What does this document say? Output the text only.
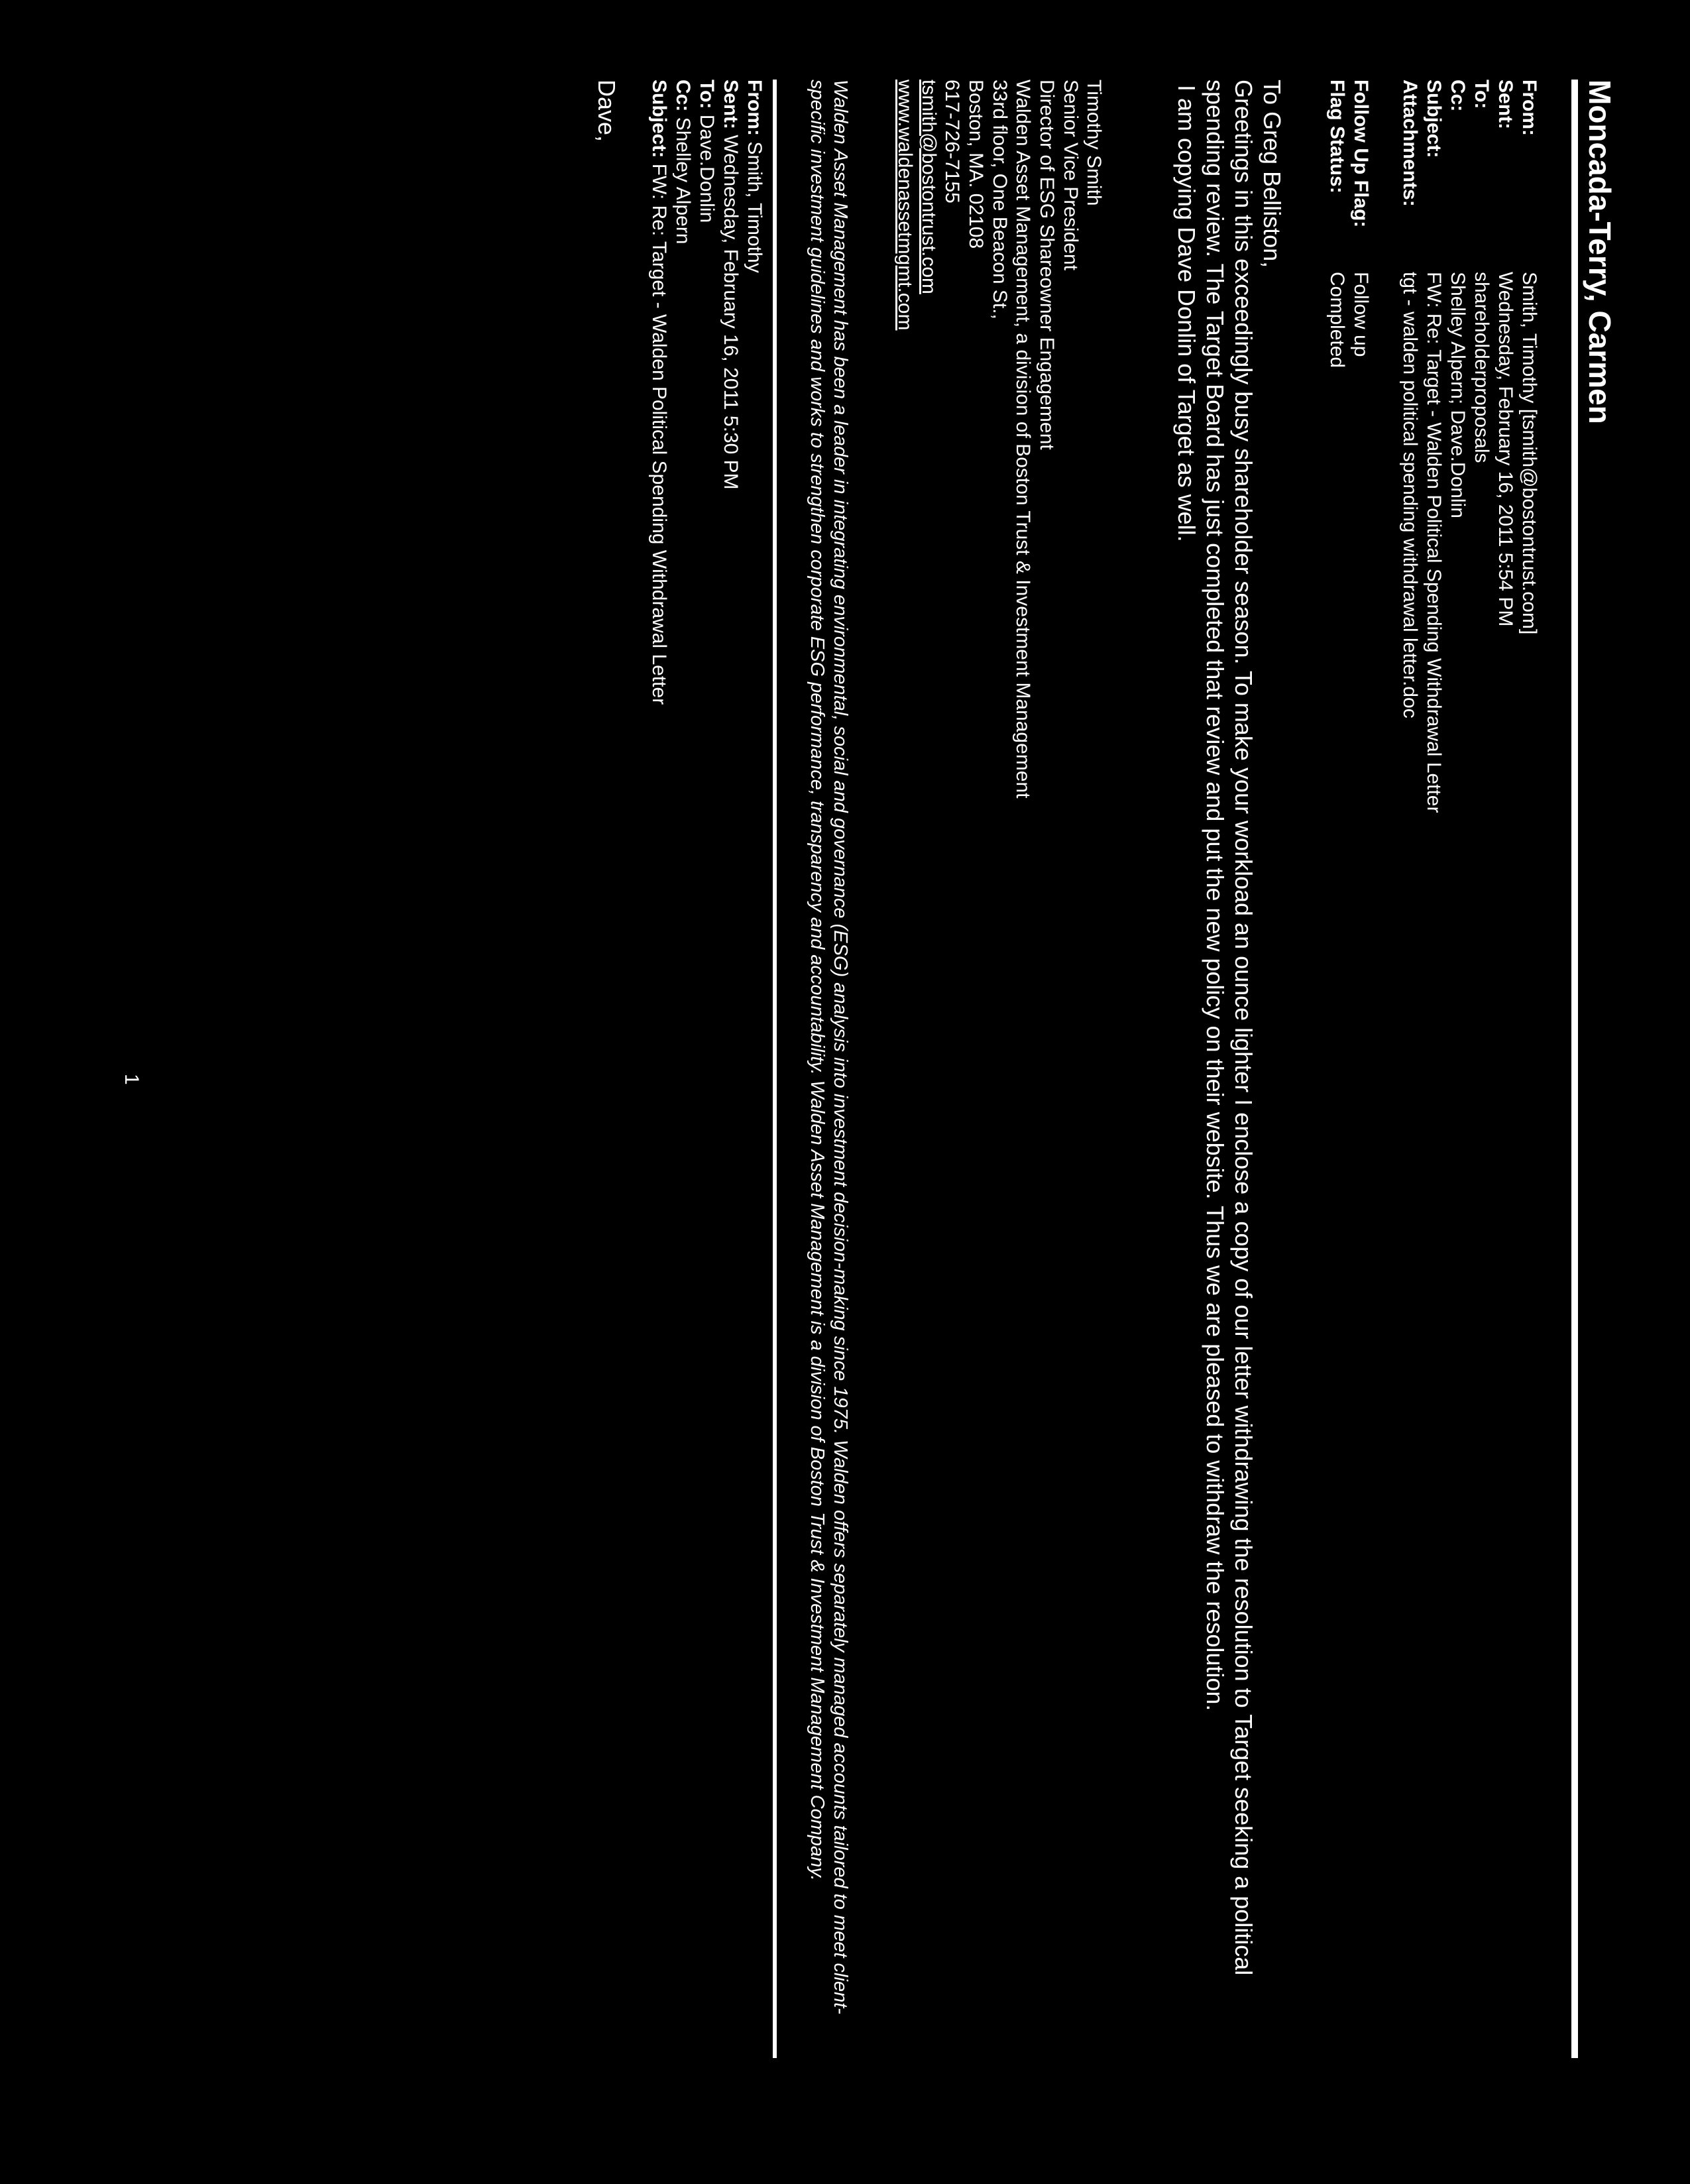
Moncada-Terry, Carmen
From:
Smith, Timothy [tsmith@bostontrust.com]
Sent:
Wednesday, February 16, 2011 5:54 PM
To:
shareholderproposals
Cc:
Shelley Alpern; Dave.Donlin
Subject:
FW: Re: Target - Walden Political Spending Withdrawal Letter
Attachments:
tgt - walden political spending withdrawal letter.doc
Follow Up Flag:
Follow up
Flag Status:
Completed

To Greg Belliston,

Greetings in this exceedingly busy shareholder season. To make your workload an ounce lighter I enclose a copy of our letter withdrawing the resolution to Target seeking a political spending review. The Target Board has just completed that review and put the new policy on their website. Thus we are pleased to withdraw the resolution.

I am copying Dave Donlin of Target as well.

Timothy Smith
Senior Vice President
Director of ESG Shareowner Engagement
Walden Asset Management, a division of Boston Trust & Investment Management
33rd floor, One Beacon St.,
Boston, MA. 02108
617-726-7155
tsmith@bostontrust.com
www.waldenassetmgmt.com
Walden Asset Management has been a leader in integrating environmental, social and governance (ESG) analysis into investment decision-making since 1975. Walden offers separately managed accounts tailored to meet client-specific investment guidelines and works to strengthen corporate ESG performance, transparency and accountability. Walden Asset Management is a division of Boston Trust & Investment Management Company.
From: Smith, Timothy
Sent: Wednesday, February 16, 2011 5:30 PM
To: Dave.Donlin
Cc: Shelley Alpern
Subject: FW: Re: Target - Walden Political Spending Withdrawal Letter
Dave,
1
